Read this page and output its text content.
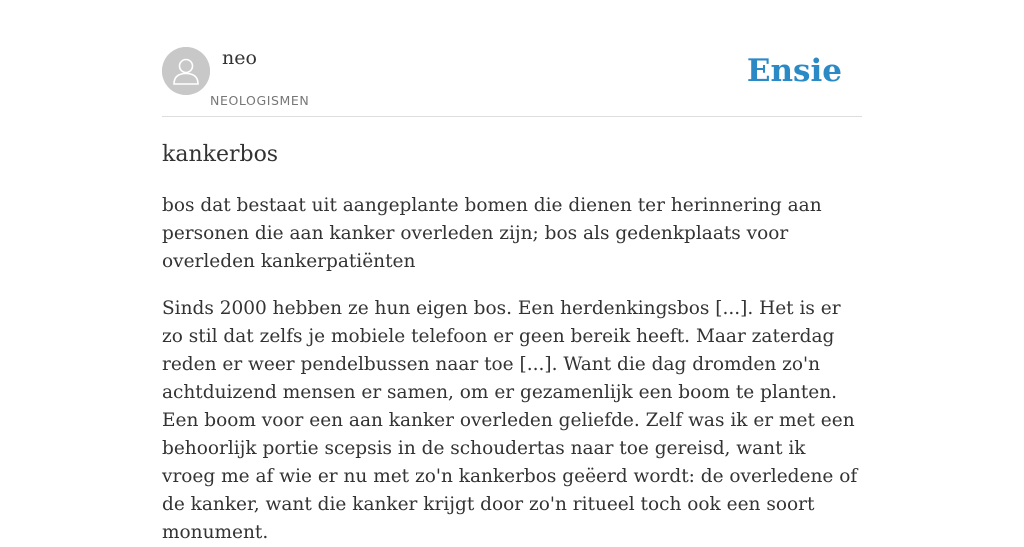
neo
NEOLOGISMEN
Ensie
kankerbos

bos dat bestaat uit aangeplante bomen die dienen ter herinnering aan personen die aan kanker overleden zijn; bos als gedenkplaats voor overleden kankerpatiënten

Sinds 2000 hebben ze hun eigen bos. Een herdenkingsbos [...]. Het is er zo stil dat zelfs je mobiele telefoon er geen bereik heeft. Maar zaterdag reden er weer pendelbussen naar toe [...]. Want die dag dromden zo'n achtduizend mensen er samen, om er gezamenlijk een boom te planten. Een boom voor een aan kanker overleden geliefde. Zelf was ik er met een behoorlijk portie scepsis in de schoudertas naar toe gereisd, want ik vroeg me af wie er nu met zo'n kankerbos geëerd wordt: de overledene of de kanker, want die kanker krijgt door zo'n ritueel toch ook een soort monument.
